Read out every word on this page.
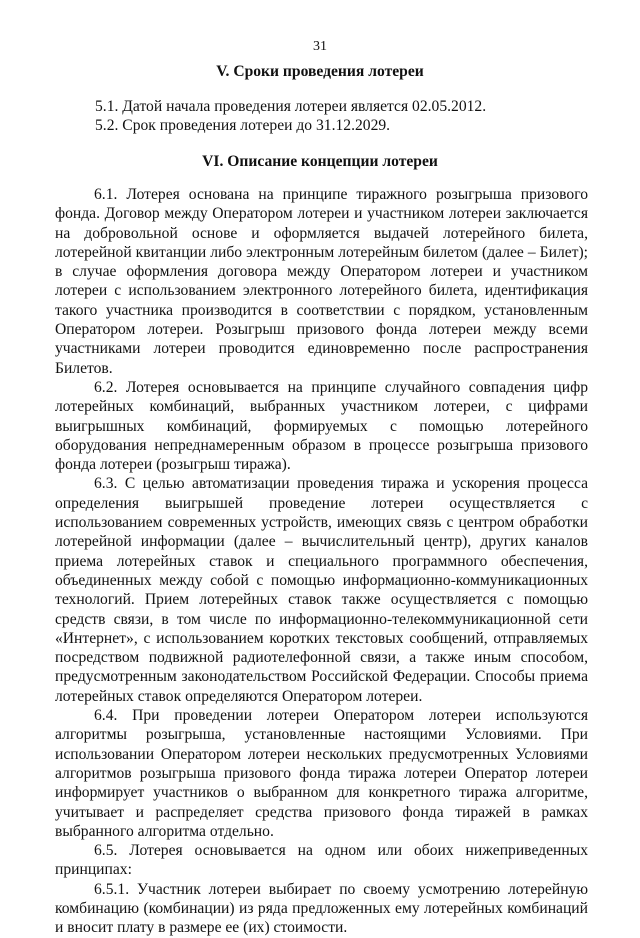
31
V. Сроки проведения лотереи

5.1. Датой начала проведения лотереи является 02.05.2012.

5.2. Срок проведения лотереи до 31.12.2029.

VI. Описание концепции лотереи

6.1. Лотерея основана на принципе тиражного розыгрыша призового фонда. Договор между Оператором лотереи и участником лотереи заключается на добровольной основе и оформляется выдачей лотерейного билета, лотерейной квитанции либо электронным лотерейным билетом (далее – Билет); в случае оформления договора между Оператором лотереи и участником лотереи с использованием электронного лотерейного билета, идентификация такого участника производится в соответствии с порядком, установленным Оператором лотереи. Розыгрыш призового фонда лотереи между всеми участниками лотереи проводится единовременно после распространения Билетов.

6.2. Лотерея основывается на принципе случайного совпадения цифр лотерейных комбинаций, выбранных участником лотереи, с цифрами выигрышных комбинаций, формируемых с помощью лотерейного оборудования непреднамеренным образом в процессе розыгрыша призового фонда лотереи (розыгрыш тиража).

6.3. С целью автоматизации проведения тиража и ускорения процесса определения выигрышей проведение лотереи осуществляется с использованием современных устройств, имеющих связь с центром обработки лотерейной информации (далее – вычислительный центр), других каналов приема лотерейных ставок и специального программного обеспечения, объединенных между собой с помощью информационно-коммуникационных технологий. Прием лотерейных ставок также осуществляется с помощью средств связи, в том числе по информационно-телекоммуникационной сети «Интернет», с использованием коротких текстовых сообщений, отправляемых посредством подвижной радиотелефонной связи, а также иным способом, предусмотренным законодательством Российской Федерации. Способы приема лотерейных ставок определяются Оператором лотереи.

6.4. При проведении лотереи Оператором лотереи используются алгоритмы розыгрыша, установленные настоящими Условиями. При использовании Оператором лотереи нескольких предусмотренных Условиями алгоритмов розыгрыша призового фонда тиража лотереи Оператор лотереи информирует участников о выбранном для конкретного тиража алгоритме, учитывает и распределяет средства призового фонда тиражей в рамках выбранного алгоритма отдельно.

6.5. Лотерея основывается на одном или обоих нижеприведенных принципах:

6.5.1. Участник лотереи выбирает по своему усмотрению лотерейную комбинацию (комбинации) из ряда предложенных ему лотерейных комбинаций и вносит плату в размере ее (их) стоимости.
